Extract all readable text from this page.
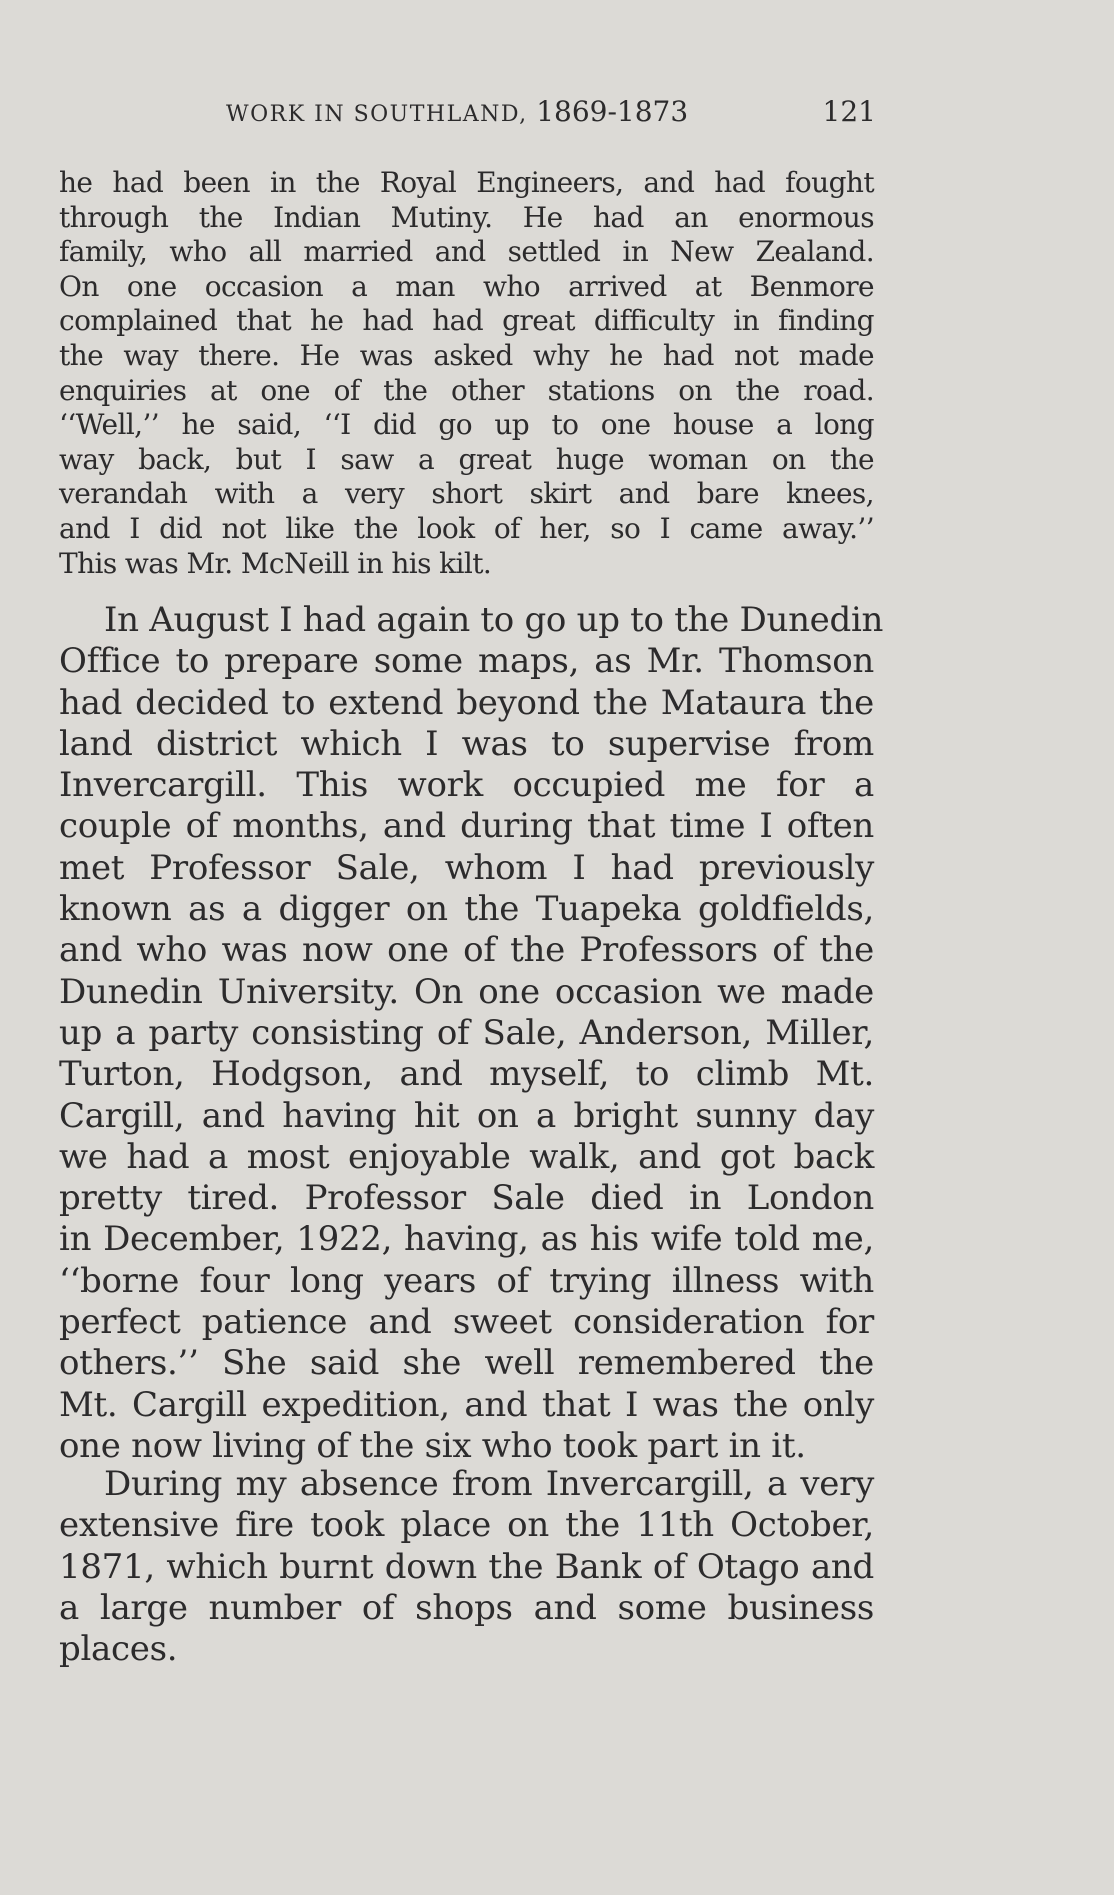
WORK IN SOUTHLAND, 1869-1873	121
he had been in the Royal Engineers, and had fought
through the Indian Mutiny. He had an enormous
family, who all married and settled in New Zealand.
On one occasion a man who arrived at Benmore
complained that he had had great difficulty in finding
the way there. He was asked why he had not made
enquiries at one of the other stations on the road.
‘‘Well,’’ he said, ‘‘I did go up to one house a long
way back, but I saw a great huge woman on the
verandah with a very short skirt and bare knees,
and I did not like the look of her, so I came away.’’
This was Mr. McNeill in his kilt.
In August I had again to go up to the Dunedin
Office to prepare some maps, as Mr. Thomson
had decided to extend beyond the Mataura the
land district which I was to supervise from
Invercargill. This work occupied me for a
couple of months, and during that time I often
met Professor Sale, whom I had previously
known as a digger on the Tuapeka goldfields,
and who was now one of the Professors of the
Dunedin University. On one occasion we made
up a party consisting of Sale, Anderson, Miller,
Turton, Hodgson, and myself, to climb Mt.
Cargill, and having hit on a bright sunny day
we had a most enjoyable walk, and got back
pretty tired. Professor Sale died in London
in December, 1922, having, as his wife told me,
‘‘borne four long years of trying illness with
perfect patience and sweet consideration for
others.’’ She said she well remembered the
Mt. Cargill expedition, and that I was the only
one now living of the six who took part in it.
During my absence from Invercargill, a very
extensive fire took place on the 11th October,
1871, which burnt down the Bank of Otago and
a large number of shops and some business
places.
